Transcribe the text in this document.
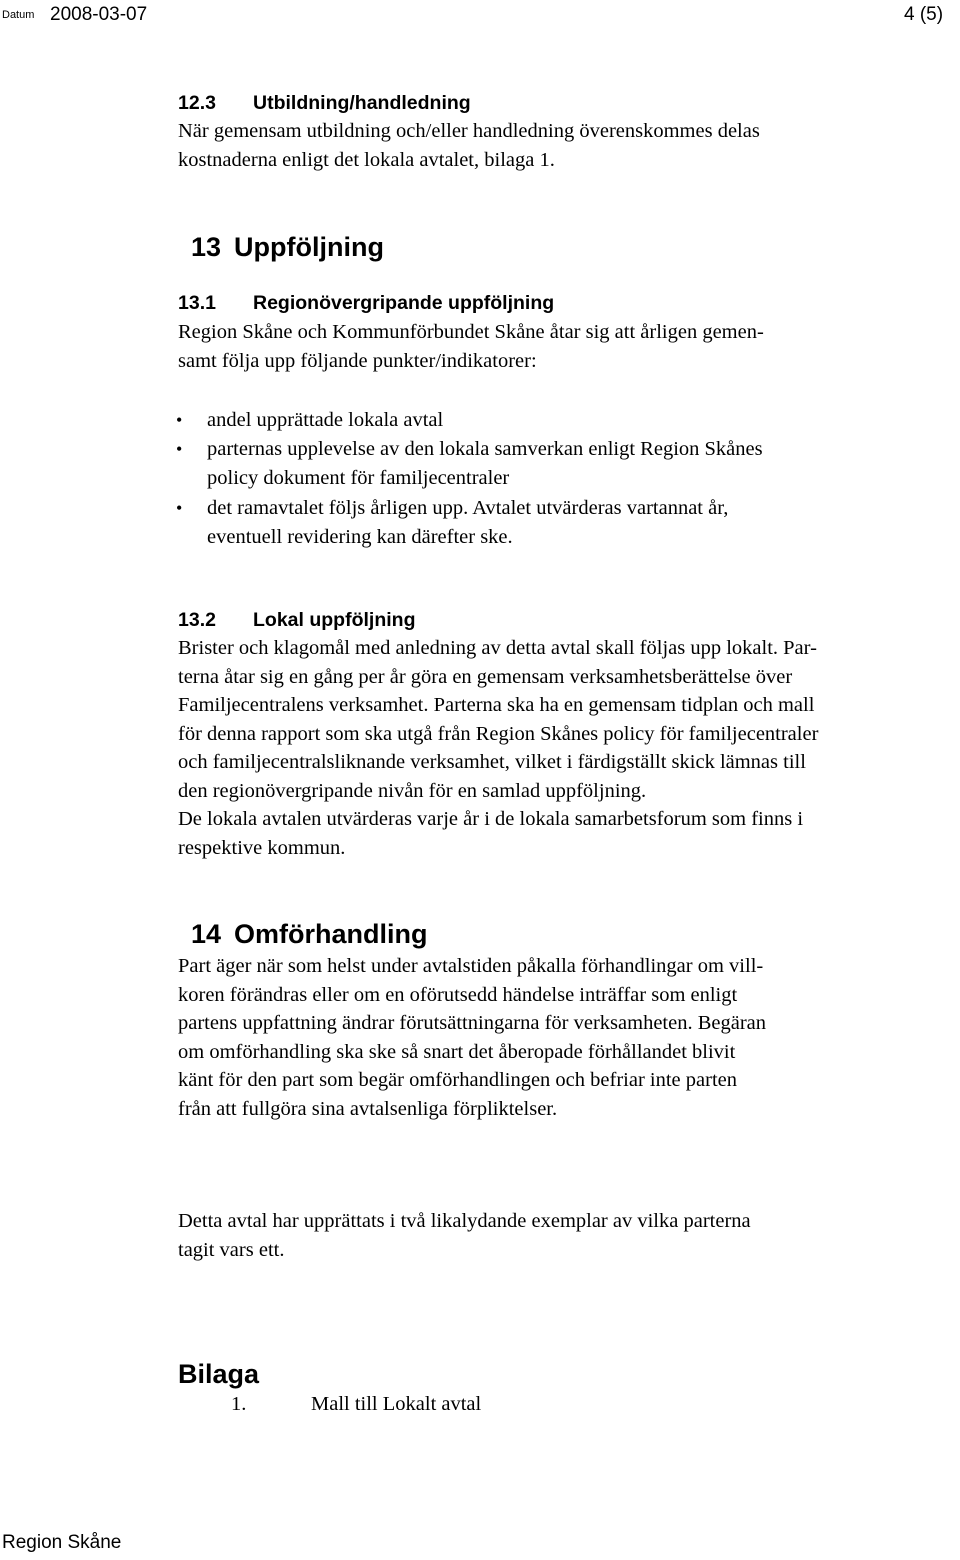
Datum 2008-03-07	4 (5)
12.3 Utbildning/handledning
När gemensam utbildning och/eller handledning överenskommes delas
kostnaderna enligt det lokala avtalet, bilaga 1.
13 Uppföljning
13.1 Regionövergripande uppföljning
Region Skåne och Kommunförbundet Skåne åtar sig att årligen gemen-
samt följa upp följande punkter/indikatorer:
• andel upprättade lokala avtal
• parternas upplevelse av den lokala samverkan enligt Region Skånes
policy dokument för familjecentraler
• det ramavtalet följs årligen upp. Avtalet utvärderas vartannat år,
eventuell revidering kan därefter ske.
13.2 Lokal uppföljning
Brister och klagomål med anledning av detta avtal skall följas upp lokalt. Par-
terna åtar sig en gång per år göra en gemensam verksamhetsberättelse över
Familjecentralens verksamhet. Parterna ska ha en gemensam tidplan och mall
för denna rapport som ska utgå från Region Skånes policy för familjecentraler
och familjecentralsliknande verksamhet, vilket i färdigställt skick lämnas till
den regionövergripande nivån för en samlad uppföljning.
De lokala avtalen utvärderas varje år i de lokala samarbetsforum som finns i
respektive kommun.
14 Omförhandling
Part äger när som helst under avtalstiden påkalla förhandlingar om vill-
koren förändras eller om en oförutsedd händelse inträffar som enligt
partens uppfattning ändrar förutsättningarna för verksamheten. Begäran
om omförhandling ska ske så snart det åberopade förhållandet blivit
känt för den part som begär omförhandlingen och befriar inte parten
från att fullgöra sina avtalsenliga förpliktelser.
Detta avtal har upprättats i två likalydande exemplar av vilka parterna
tagit vars ett.
Bilaga
1.	Mall till Lokalt avtal
Region Skåne
